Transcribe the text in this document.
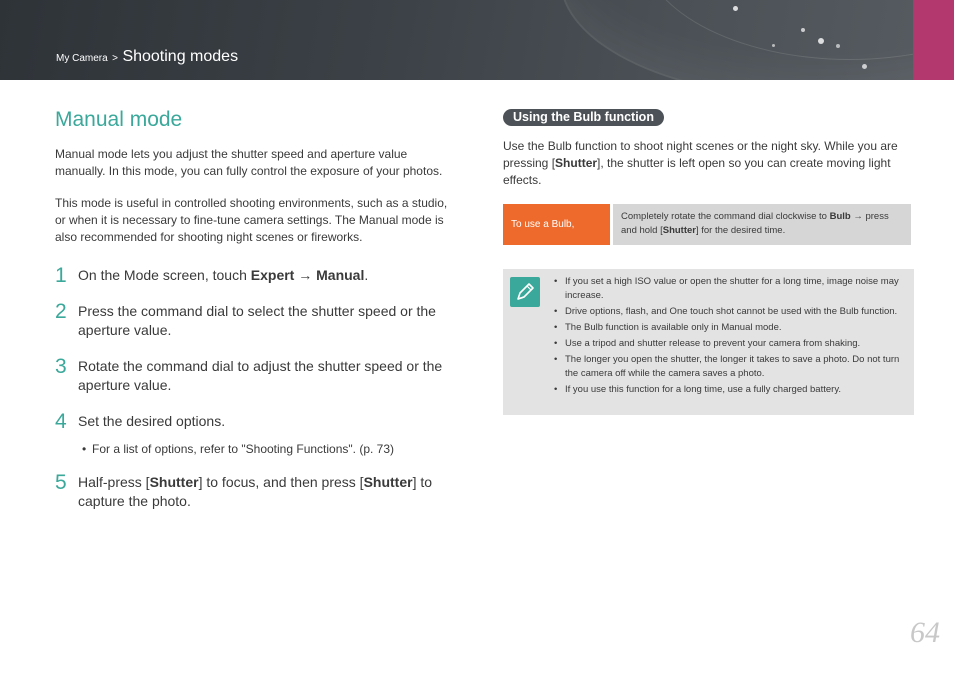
My Camera > Shooting modes
Manual mode

Manual mode lets you adjust the shutter speed and aperture value manually. In this mode, you can fully control the exposure of your photos.

This mode is useful in controlled shooting environments, such as a studio, or when it is necessary to fine-tune camera settings. The Manual mode is also recommended for shooting night scenes or fireworks.

1 On the Mode screen, touch Expert → Manual.
2 Press the command dial to select the shutter speed or the aperture value.
3 Rotate the command dial to adjust the shutter speed or the aperture value.
4 Set the desired options.
• For a list of options, refer to "Shooting Functions". (p. 73)
5 Half-press [Shutter] to focus, and then press [Shutter] to capture the photo.
Using the Bulb function

Use the Bulb function to shoot night scenes or the night sky. While you are pressing [Shutter], the shutter is left open so you can create moving light effects.

To use a Bulb,
Completely rotate the command dial clockwise to Bulb → press and hold [Shutter] for the desired time.
• If you set a high ISO value or open the shutter for a long time, image noise may increase.
• Drive options, flash, and One touch shot cannot be used with the Bulb function.
• The Bulb function is available only in Manual mode.
• Use a tripod and shutter release to prevent your camera from shaking.
• The longer you open the shutter, the longer it takes to save a photo. Do not turn the camera off while the camera saves a photo.
• If you use this function for a long time, use a fully charged battery.
64
